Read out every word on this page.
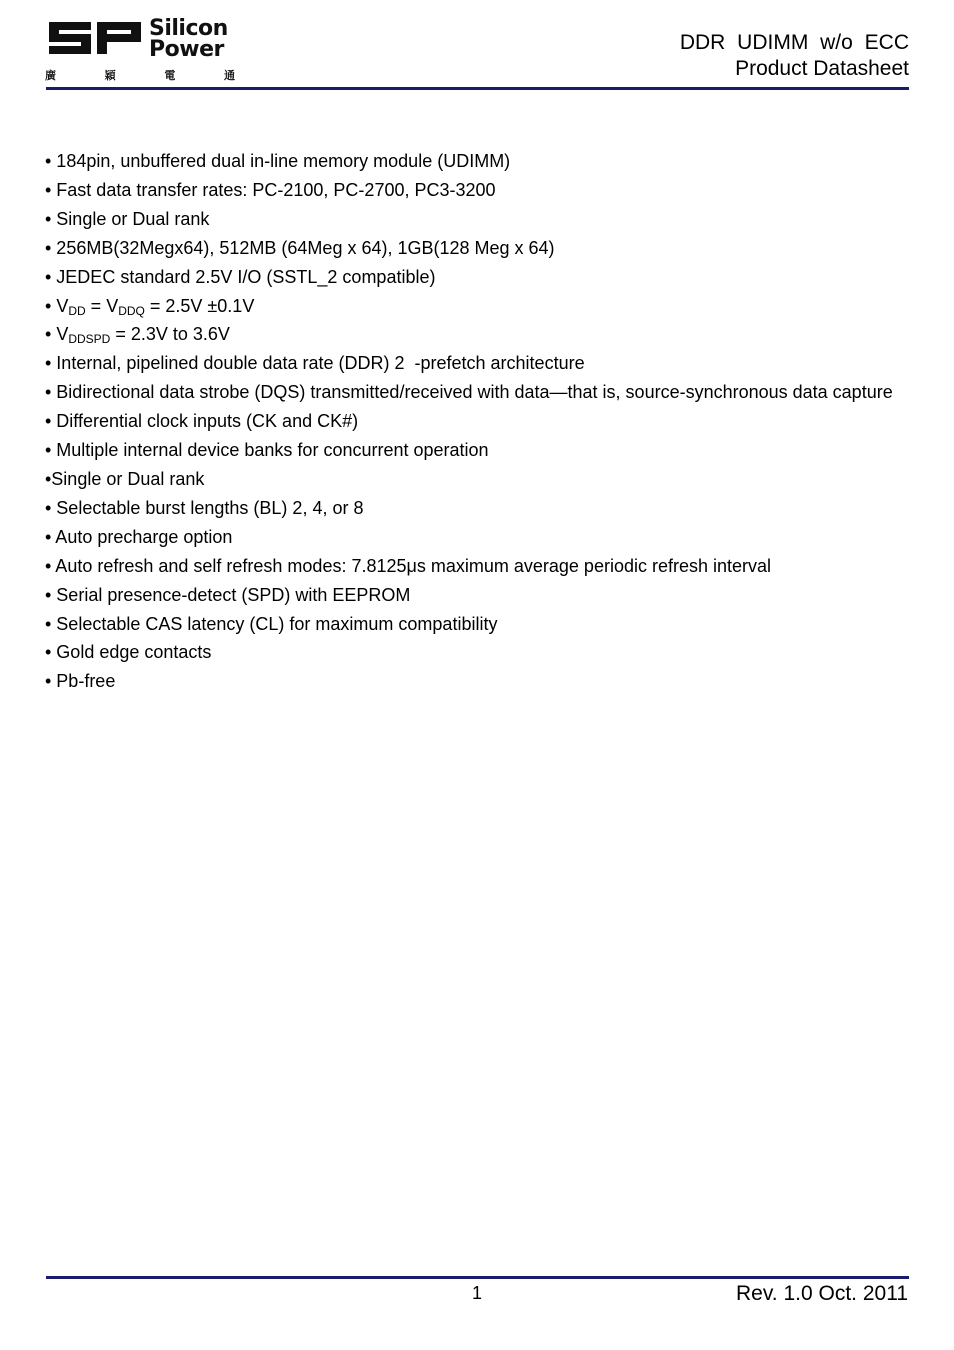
Silicon
Power
廣	穎	電	通
DDR UDIMM w/o ECC
Product Datasheet
• 184pin, unbuffered dual in-line memory module (UDIMM)
• Fast data transfer rates: PC-2100, PC-2700, PC3-3200
• Single or Dual rank
• 256MB(32Megx64), 512MB (64Meg x 64), 1GB(128 Meg x 64)
• JEDEC standard 2.5V I/O (SSTL_2 compatible)
• $V_{DD} = V_{DDQ} = 2.5V \pm 0.1V$
• $V_{DDSPD} = 2.3V$ to 3.6V
• Internal, pipelined double data rate (DDR) 2  -prefetch architecture
• Bidirectional data strobe (DQS) transmitted/received with data—that is, source-synchronous data capture
• Differential clock inputs (CK and CK#)
• Multiple internal device banks for concurrent operation
•Single or Dual rank
• Selectable burst lengths (BL) 2, 4, or 8
• Auto precharge option
• Auto refresh and self refresh modes: 7.8125μs maximum average periodic refresh interval
• Serial presence-detect (SPD) with EEPROM
• Selectable CAS latency (CL) for maximum compatibility
• Gold edge contacts
• Pb-free
1	Rev. 1.0 Oct. 2011
